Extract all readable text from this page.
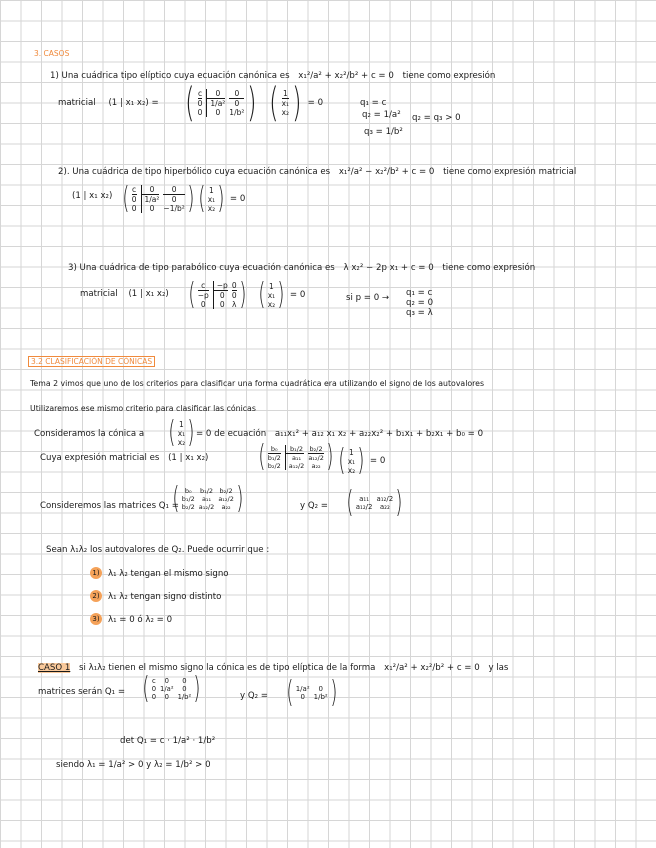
3. CASOS
1) Una cuádrica tipo elíptico cuya ecuación canónica es x₁²/a² + x₂²/b² + c = 0 tiene como expresión
matricial (1 | x₁ x₂) = ( c	0	0
0	1/a²	0
0	0	1/b² ) ( 1
x₁
x₂ ) = 0	q₁ = c
q₂ = 1/a² q₂ = q₃ > 0
q₃ = 1/b²
2). Una cuádrica de tipo hiperbólico cuya ecuación canónica es x₁²/a² − x₂²/b² + c = 0 tiene como expresión matricial
(1 | x₁ x₂) ( c	0	0
0	1/a²	0
0	0	−1/b² ) ( 1
x₁
x₂ ) = 0
3) Una cuádrica de tipo parabólico cuya ecuación canónica es λ x₂² − 2p x₁ + c = 0 tiene como expresión
matricial (1 | x₁ x₂) ( c	−p 0
−p	0 0
0	0 λ ) ( 1
x₁
x₂ ) = 0	si p = 0 → q₁ = c
q₂ = 0
q₃ = λ
3.2 CLASIFICACIÓN DE CÓNICAS
Tema 2 vimos que uno de los criterios para clasificar una forma cuadrática era utilizando el signo de los autovalores
Utilizaremos ese mismo criterio para clasificar las cónicas
Consideramos la cónica a ( 1
x₁
x₂ ) = 0 de ecuación a₁₁x₁² + a₁₂ x₁ x₂ + a₂₂x₂² + b₁x₁ + b₂x₁ + b₀ = 0
Cuya expresión matricial es (1 | x₁ x₂) ( b₀	b₁/2 b₂/2
b₁/2	a₁₁	a₁₂/2
b₂/2	a₁₂/2	a₂₂ ) ( 1
x₁
x₂ ) = 0
Consideremos las matrices Q₁ =
( b₀	b₁/2 b₂/2
b₁/2	a₁₁	a₁₂/2
b₂/2 a₁₂/2	a₂₂ )	y Q₂ = ( a₁₁	a₁₂/2
a₁₂/2	a₂₂ )
Sean λ₁λ₂ los autovalores de Q₂. Puede ocurrir que :
1) λ₁ λ₂ tengan el mismo signo
2) λ₁ λ₂ tengan signo distinto
3) λ₁ = 0 ó λ₂ = 0
CASO 1 si λ₁λ₂ tienen el mismo signo la cónica es de tipo elíptica de la forma x₁²/a² + x₂²/b² + c = 0 y las
matrices serán Q₁ = ( c	0	0
0 1/a²	0
0	0	1/b² )	y Q₂ = ( 1/a²	0
0	1/b² )
det Q₁ = c · 1/a² · 1/b²
siendo λ₁ = 1/a² > 0 y λ₂ = 1/b² > 0
